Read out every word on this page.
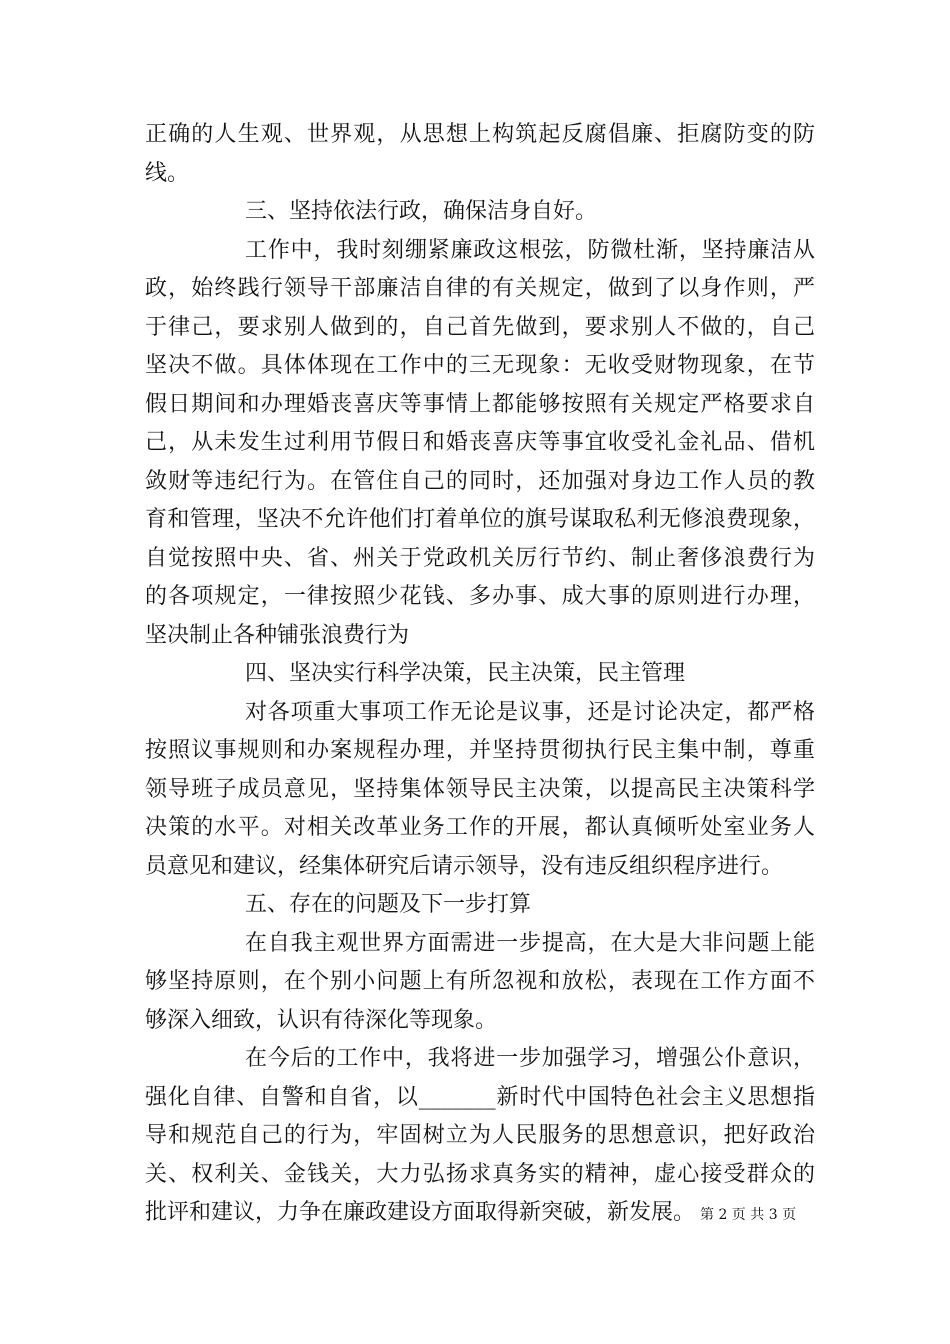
正确的人生观、世界观，从思想上构筑起反腐倡廉、拒腐防变的防
线。
三、坚持依法行政，确保洁身自好。
工作中，我时刻绷紧廉政这根弦，防微杜渐，坚持廉洁从
政，始终践行领导干部廉洁自律的有关规定，做到了以身作则，严
于律己，要求别人做到的，自己首先做到，要求别人不做的，自己
坚决不做。具体体现在工作中的三无现象：无收受财物现象，在节
假日期间和办理婚丧喜庆等事情上都能够按照有关规定严格要求自
己，从未发生过利用节假日和婚丧喜庆等事宜收受礼金礼品、借机
敛财等违纪行为。在管住自己的同时，还加强对身边工作人员的教
育和管理，坚决不允许他们打着单位的旗号谋取私利无修浪费现象，
自觉按照中央、省、州关于党政机关厉行节约、制止奢侈浪费行为
的各项规定，一律按照少花钱、多办事、成大事的原则进行办理，
坚决制止各种铺张浪费行为
四、坚决实行科学决策，民主决策，民主管理
对各项重大事项工作无论是议事，还是讨论决定，都严格
按照议事规则和办案规程办理，并坚持贯彻执行民主集中制，尊重
领导班子成员意见，坚持集体领导民主决策，以提高民主决策科学
决策的水平。对相关改革业务工作的开展，都认真倾听处室业务人
员意见和建议，经集体研究后请示领导，没有违反组织程序进行。
五、存在的问题及下一步打算
在自我主观世界方面需进一步提高，在大是大非问题上能
够坚持原则，在个别小问题上有所忽视和放松，表现在工作方面不
够深入细致，认识有待深化等现象。
在今后的工作中，我将进一步加强学习，增强公仆意识，
强化自律、自警和自省，以_______新时代中国特色社会主义思想指
导和规范自己的行为，牢固树立为人民服务的思想意识，把好政治
关、权利关、金钱关，大力弘扬求真务实的精神，虚心接受群众的
批评和建议，力争在廉政建设方面取得新突破，新发展。 第 2 页 共 3 页
